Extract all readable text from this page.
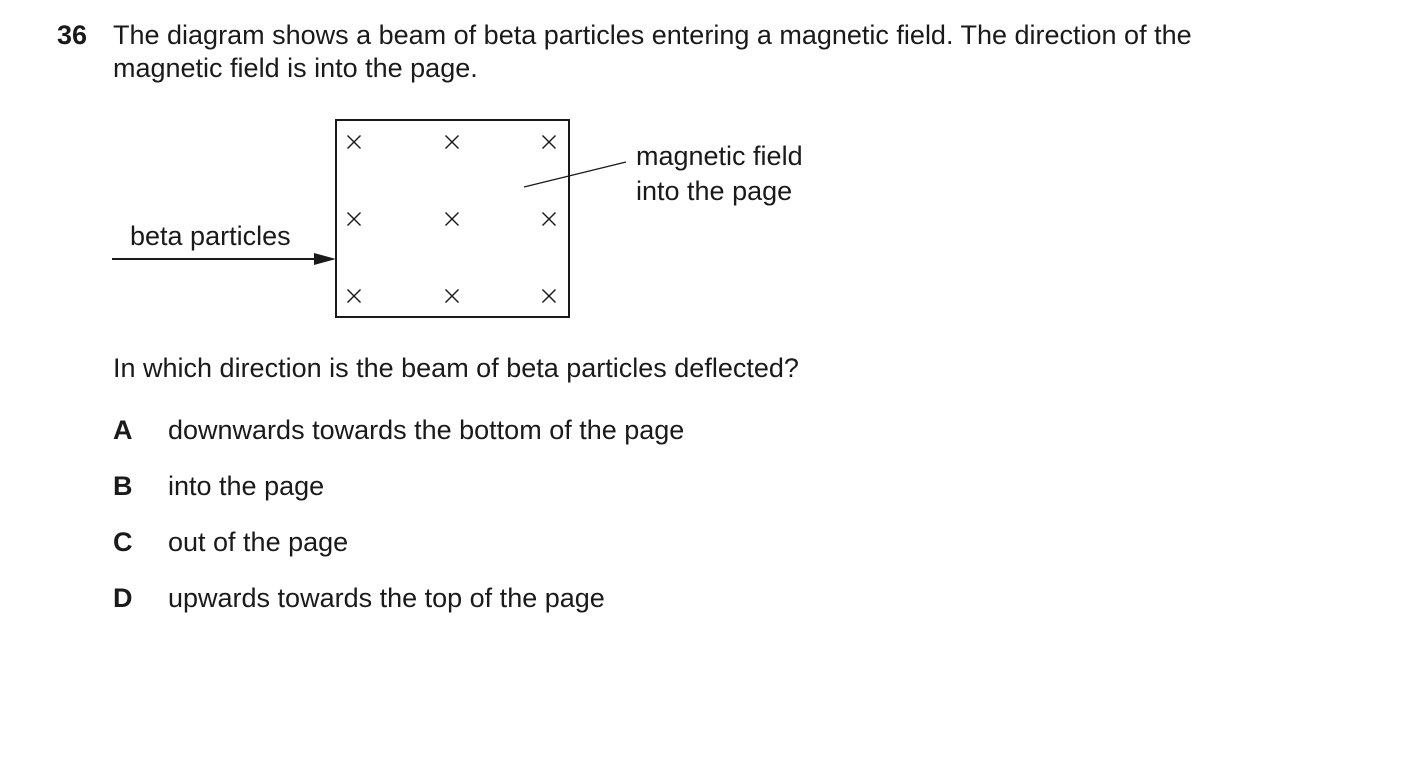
36 The diagram shows a beam of beta particles entering a magnetic field. The direction of the
magnetic field is into the page.
beta particles
magnetic field
into the page
In which direction is the beam of beta particles deflected?
A downwards towards the bottom of the page
B into the page
C out of the page
D upwards towards the top of the page
